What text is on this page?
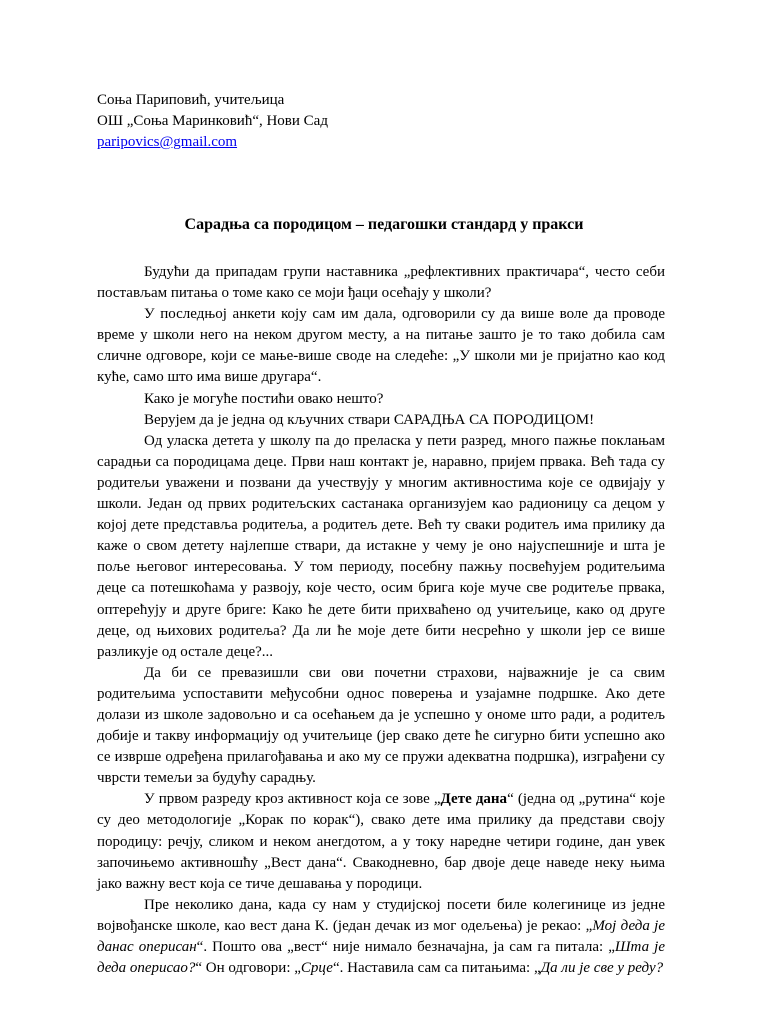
Соња Париповић, учитељица
ОШ „Соња Маринковић“, Нови Сад
paripovics@gmail.com
Сарадња са породицом – педагошки стандард у пракси

Будући да припадам групи наставника „рефлективних практичара“, често себи постављам питања о томе како се моји ђаци осећају у школи?

У последњој анкети коју сам им дала, одговорили су да више воле да проводе време у школи него на неком другом месту, а на питање зашто је то тако добила сам сличне одговоре, који се мање-више своде на следеће: „У школи ми је пријатно као код куће, само што има више другара“.

Како је могуће постићи овако нешто?

Верујем да је једна од кључних ствари САРАДЊА СА ПОРОДИЦОМ!

Од уласка детета у школу па до преласка у пети разред, много пажње поклањам сарадњи са породицама деце. Први наш контакт је, наравно, пријем првака. Већ тада су родитељи уважени и позвани да учествују у многим активностима које се одвијају у школи. Један од првих родитељских састанака организујем као радионицу са децом у којој дете представља родитеља, а родитељ дете. Већ ту сваки родитељ има прилику да каже о свом детету најлепше ствари, да истакне у чему је оно најуспешније и шта је поље његовог интересовања. У том периоду, посебну пажњу посвећујем родитељима деце са потешкоћама у развоју, које често, осим брига које муче све родитеље првака, оптерећују и друге бриге: Како ће дете бити прихваћено од учитељице, како од друге деце, од њихових родитеља? Да ли ће моје дете бити несрећно у школи јер се више разликује од остале деце?...

Да би се превазишли сви ови почетни страхови, најважније је са свим родитељима успоставити међусобни однос поверења и узајамне подршке. Ако дете долази из школе задовољно и са осећањем да је успешно у ономе што ради, а родитељ добије и такву информацију од учитељице (јер свако дете ће сигурно бити успешно ако се изврше одређена прилагођавања и ако му се пружи адекватна подршка), изграђени су чврсти темељи за будућу сарадњу.

У првом разреду кроз активност која се зове „Дете дана“ (једна од „рутина“ које су део методологије „Корак по корак“), свако дете има прилику да представи своју породицу: речју, сликом и неком анегдотом, а у току наредне четири године, дан увек започињемо активношћу „Вест дана“. Свакодневно, бар двоје деце наведе неку њима јако важну вест која се тиче дешавања у породици.

Пре неколико дана, када су нам у студијској посети биле колегинице из једне војвођанске школе, као вест дана К. (један дечак из мог одељења) је рекао: „Мој деда је данас оперисан“. Пошто ова „вест“ није нимало безначајна, ја сам га питала: „Шта је деда оперисао?“ Он одговори: „Срце“. Наставила сам са питањима: „Да ли је све у реду?
